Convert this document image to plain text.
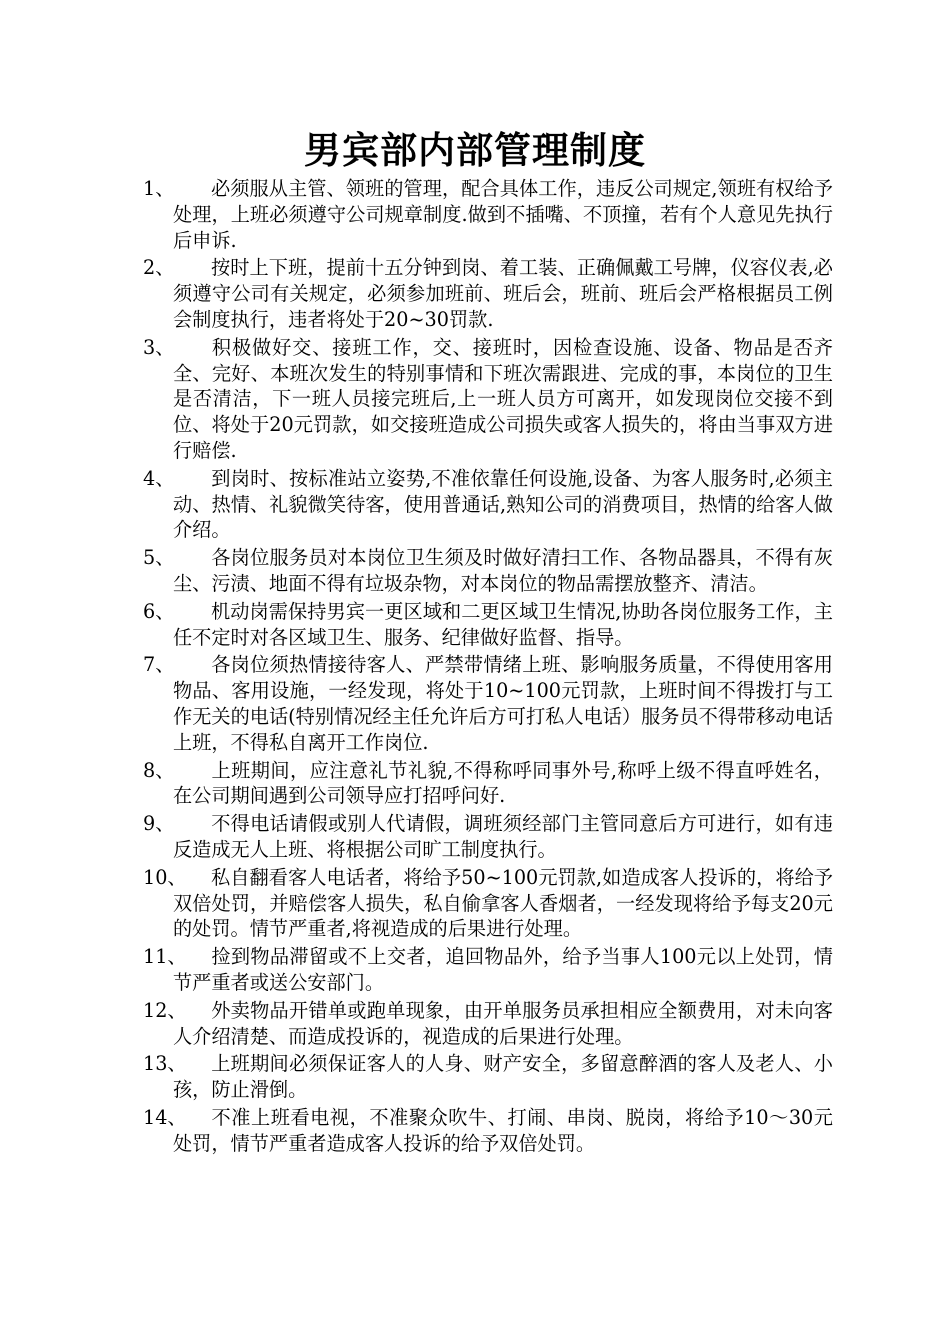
男宾部内部管理制度
1、	必须服从主管、领班的管理，配合具体工作，违反公司规定,领班有权给予处理，上班必须遵守公司规章制度.做到不插嘴、不顶撞，若有个人意见先执行后申诉.
2、	按时上下班，提前十五分钟到岗、着工装、正确佩戴工号牌，仪容仪表,必须遵守公司有关规定，必须参加班前、班后会，班前、班后会严格根据员工例会制度执行，违者将处于20~30罚款.
3、	积极做好交、接班工作，交、接班时，因检查设施、设备、物品是否齐全、完好、本班次发生的特别事情和下班次需跟进、完成的事，本岗位的卫生是否清洁，下一班人员接完班后,上一班人员方可离开，如发现岗位交接不到位、将处于20元罚款，如交接班造成公司损失或客人损失的，将由当事双方进行赔偿.
4、	到岗时、按标准站立姿势,不准依靠任何设施,设备、为客人服务时,必须主动、热情、礼貌微笑待客，使用普通话,熟知公司的消费项目，热情的给客人做介绍。
5、	各岗位服务员对本岗位卫生须及时做好清扫工作、各物品器具，不得有灰尘、污渍、地面不得有垃圾杂物，对本岗位的物品需摆放整齐、清洁。
6、	机动岗需保持男宾一更区域和二更区域卫生情况,协助各岗位服务工作，主任不定时对各区域卫生、服务、纪律做好监督、指导。
7、	各岗位须热情接待客人、严禁带情绪上班、影响服务质量，不得使用客用物品、客用设施，一经发现，将处于10~100元罚款，上班时间不得拨打与工作无关的电话(特别情况经主任允许后方可打私人电话）服务员不得带移动电话上班，不得私自离开工作岗位.
8、	上班期间，应注意礼节礼貌,不得称呼同事外号,称呼上级不得直呼姓名，在公司期间遇到公司领导应打招呼问好.
9、	不得电话请假或别人代请假，调班须经部门主管同意后方可进行，如有违反造成无人上班、将根据公司旷工制度执行。
10、	私自翻看客人电话者，将给予50~100元罚款,如造成客人投诉的，将给予双倍处罚，并赔偿客人损失，私自偷拿客人香烟者，一经发现将给予每支20元的处罚。情节严重者,将视造成的后果进行处理。
11、	捡到物品滞留或不上交者，追回物品外，给予当事人100元以上处罚，情节严重者或送公安部门。
12、	外卖物品开错单或跑单现象，由开单服务员承担相应全额费用，对未向客人介绍清楚、而造成投诉的，视造成的后果进行处理。
13、	上班期间必须保证客人的人身、财产安全，多留意醉酒的客人及老人、小孩，防止滑倒。
14、	不准上班看电视，不准聚众吹牛、打闹、串岗、脱岗，将给予10～30元处罚，情节严重者造成客人投诉的给予双倍处罚。
